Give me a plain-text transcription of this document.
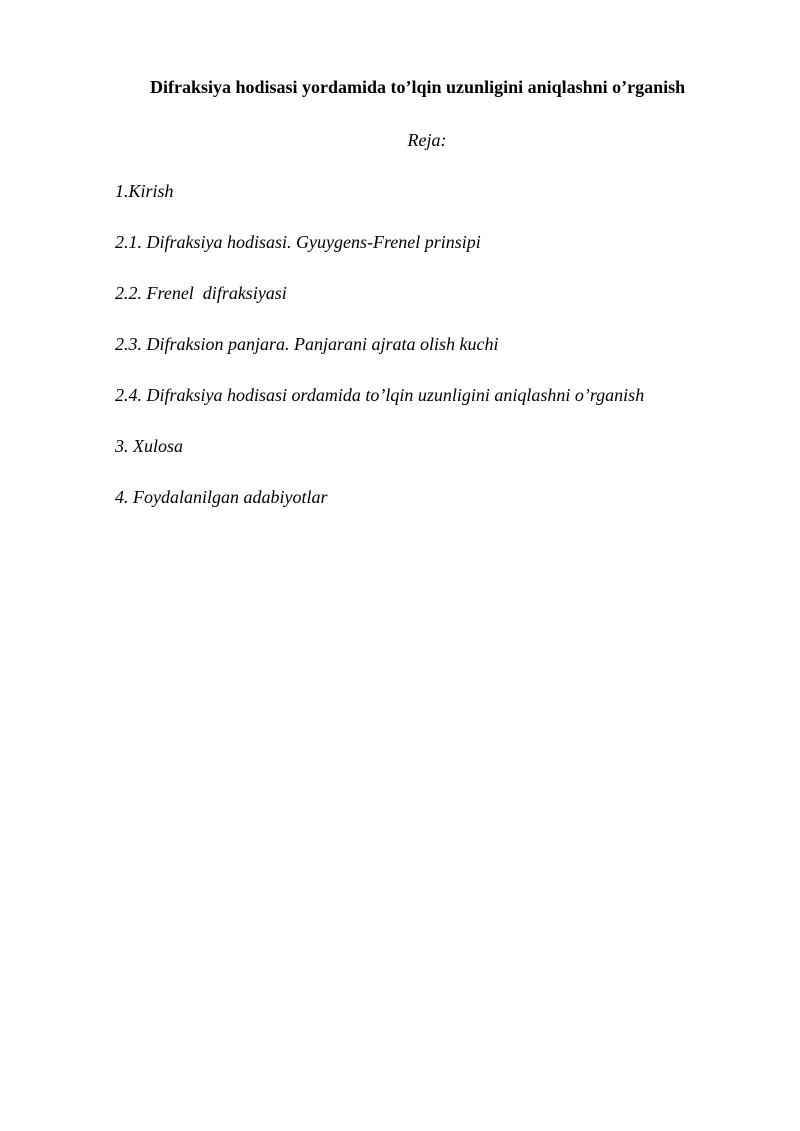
Difraksiya hodisasi yordamida to’lqin uzunligini aniqlashni o’rganish
Reja:
1.Kirish
2.1. Difraksiya hodisasi. Gyuygens-Frenel prinsipi
2.2. Frenel  difraksiyasi
2.3. Difraksion panjara. Panjarani ajrata olish kuchi
2.4. Difraksiya hodisasi ordamida to’lqin uzunligini aniqlashni o’rganish
3. Xulosa
4. Foydalanilgan adabiyotlar
